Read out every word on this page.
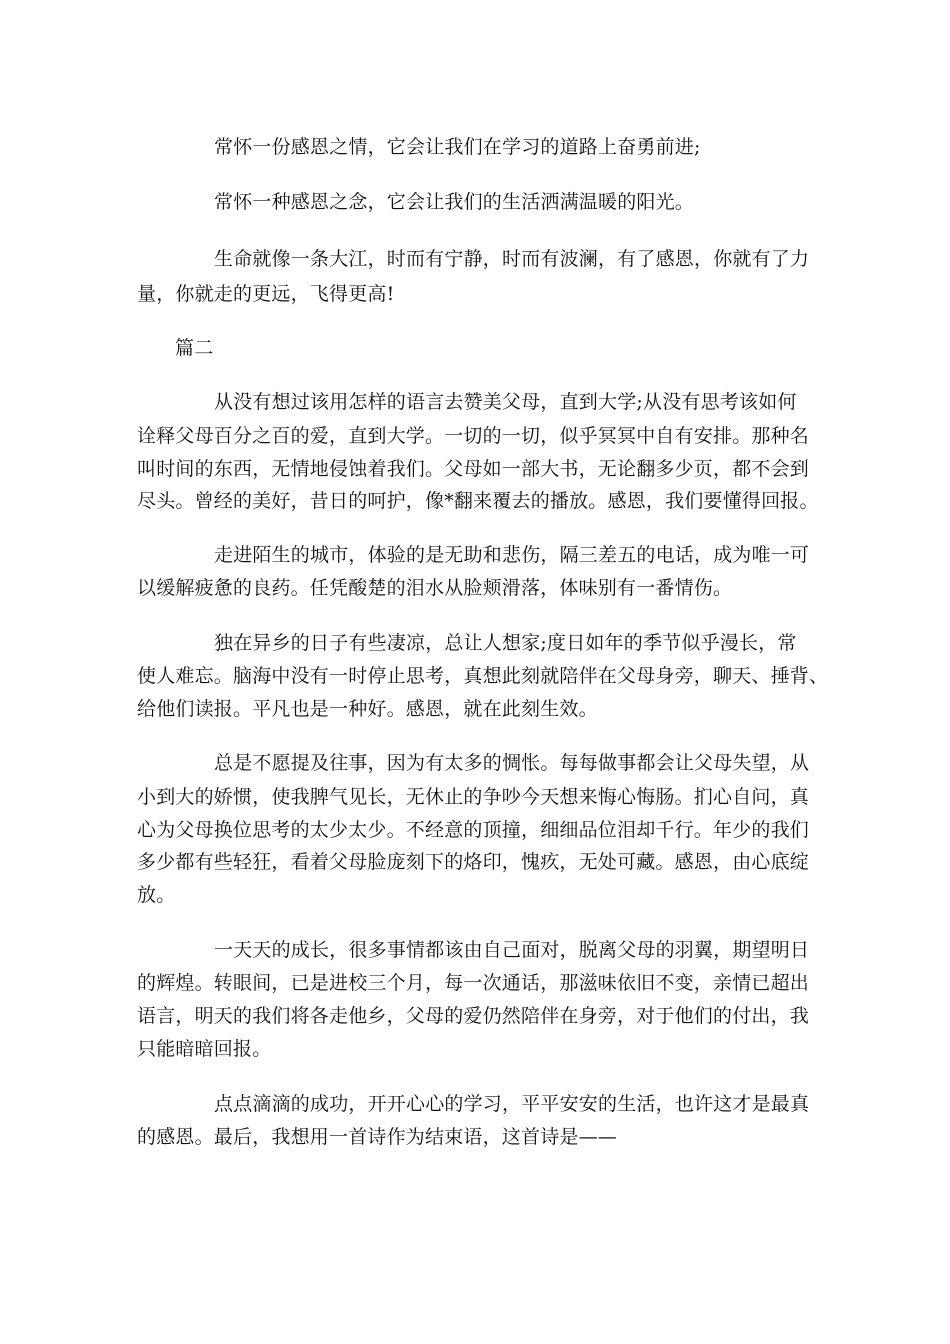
常怀一份感恩之情，它会让我们在学习的道路上奋勇前进;
常怀一种感恩之念，它会让我们的生活洒满温暖的阳光。
生命就像一条大江，时而有宁静，时而有波澜，有了感恩，你就有了力
量，你就走的更远，飞得更高!
篇二
从没有想过该用怎样的语言去赞美父母，直到大学;从没有思考该如何
诠释父母百分之百的爱，直到大学。一切的一切，似乎冥冥中自有安排。那种名
叫时间的东西，无情地侵蚀着我们。父母如一部大书，无论翻多少页，都不会到
尽头。曾经的美好，昔日的呵护，像*翻来覆去的播放。感恩，我们要懂得回报。
走进陌生的城市，体验的是无助和悲伤，隔三差五的电话，成为唯一可
以缓解疲惫的良药。任凭酸楚的泪水从脸颊滑落，体味别有一番情伤。
独在异乡的日子有些凄凉，总让人想家;度日如年的季节似乎漫长，常
使人难忘。脑海中没有一时停止思考，真想此刻就陪伴在父母身旁，聊天、捶背、
给他们读报。平凡也是一种好。感恩，就在此刻生效。
总是不愿提及往事，因为有太多的惆怅。每每做事都会让父母失望，从
小到大的娇惯，使我脾气见长，无休止的争吵今天想来悔心悔肠。扪心自问，真
心为父母换位思考的太少太少。不经意的顶撞，细细品位泪却千行。年少的我们
多少都有些轻狂，看着父母脸庞刻下的烙印，愧疚，无处可藏。感恩，由心底绽
放。
一天天的成长，很多事情都该由自己面对，脱离父母的羽翼，期望明日
的辉煌。转眼间，已是进校三个月，每一次通话，那滋味依旧不变，亲情已超出
语言，明天的我们将各走他乡，父母的爱仍然陪伴在身旁，对于他们的付出，我
只能暗暗回报。
点点滴滴的成功，开开心心的学习，平平安安的生活，也许这才是最真
的感恩。最后，我想用一首诗作为结束语，这首诗是——
